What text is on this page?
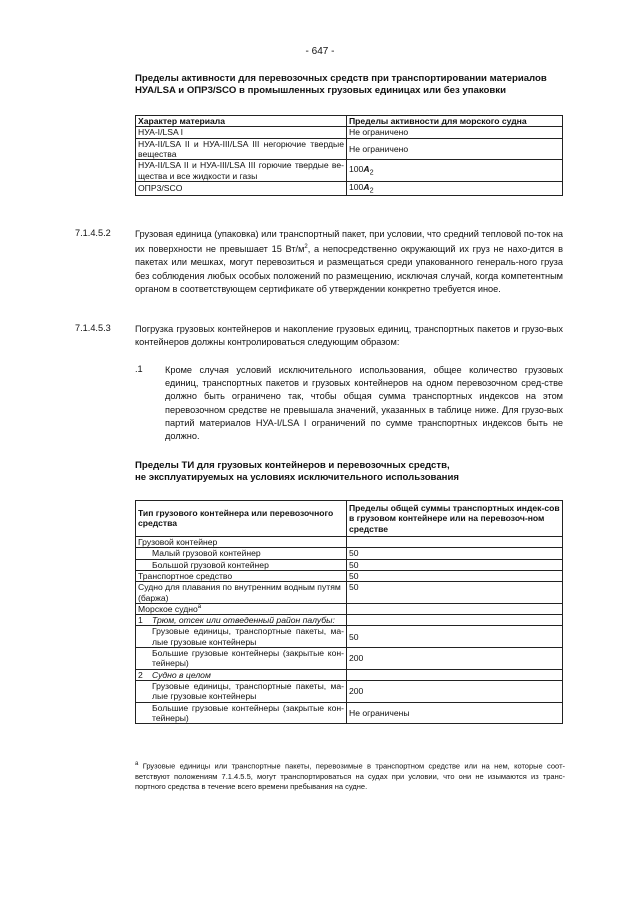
- 647 -
Пределы активности для перевозочных средств при транспортировании материалов НУА/LSA и ОПР3/SCO в промышленных грузовых единицах или без упаковки
Характер материала	Пределы активности для морского судна
НУА-I/LSA I	Не ограничено
НУА-II/LSA II и НУА-III/LSA III негорючие твердые вещества	Не ограничено
НУА-II/LSA II и НУА-III/LSA III горючие твердые ве-щества и все жидкости и газы	$100A_2$
ОПР3/SCO	$100A_2$
7.1.4.5.2	Грузовая единица (упаковка) или транспортный пакет, при условии, что средний тепловой по-ток на их поверхности не превышает 15 $Вт/м^2$, а непосредственно окружающий их груз не нахо-дится в пакетах или мешках, могут перевозиться и размещаться среди упакованного генераль-ного груза без соблюдения любых особых положений по размещению, исключая случай, когда компетентным органом в соответствующем сертификате об утверждении конкретно требуется иное.
7.1.4.5.3	Погрузка грузовых контейнеров и накопление грузовых единиц, транспортных пакетов и грузо-вых контейнеров должны контролироваться следующим образом:
.1 Кроме случая условий исключительного использования, общее количество грузовых единиц, транспортных пакетов и грузовых контейнеров на одном перевозочном сред-стве должно быть ограничено так, чтобы общая сумма транспортных индексов на этом перевозочном средстве не превышала значений, указанных в таблице ниже. Для грузо-вых партий материалов НУА-I/LSA I ограничений по сумме транспортных индексов быть не должно.
Пределы ТИ для грузовых контейнеров и перевозочных средств,
не эксплуатируемых на условиях исключительного использования
Тип грузового контейнера или перевозочного средства	Пределы общей суммы транспортных индек-сов в грузовом контейнере или на перевозоч-ном средстве
Грузовой контейнер	
Малый грузовой контейнер	50
Большой грузовой контейнер	50
Транспортное средство	50
Судно для плавания по внутренним водным путям (баржа)	50
Морское судно$^a$	
1 Трюм, отсек или отведенный район палубы:	
Грузовые единицы, транспортные пакеты, ма-лые грузовые контейнеры	50
Большие грузовые контейнеры (закрытые кон-тейнеры)	200
2 Судно в целом	
Грузовые единицы, транспортные пакеты, ма-лые грузовые контейнеры	200
Большие грузовые контейнеры (закрытые кон-тейнеры)	Не ограничены
$^a$ Грузовые единицы или транспортные пакеты, перевозимые в транспортном средстве или на нем, которые соот-ветствуют положениям 7.1.4.5.5, могут транспортироваться на судах при условии, что они не изымаются из транс-портного средства в течение всего времени пребывания на судне.
